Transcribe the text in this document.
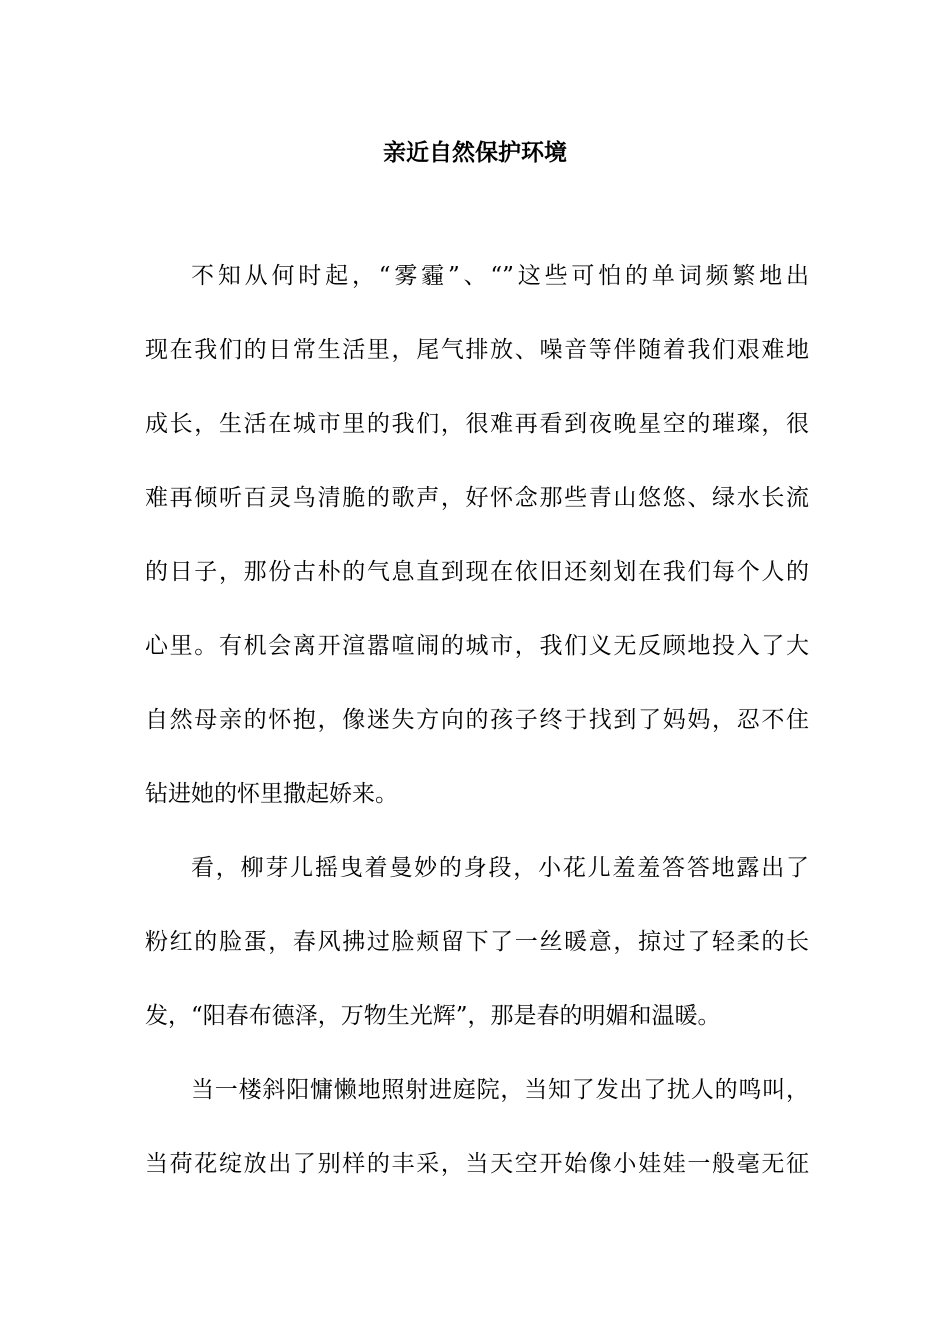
亲近自然保护环境
不知从何时起，“雾霾”、“”这些可怕的单词频繁地出
现在我们的日常生活里，尾气排放、噪音等伴随着我们艰难地
成长，生活在城市里的我们，很难再看到夜晚星空的璀璨，很
难再倾听百灵鸟清脆的歌声，好怀念那些青山悠悠、绿水长流
的日子，那份古朴的气息直到现在依旧还刻划在我们每个人的
心里。有机会离开渲嚣喧闹的城市，我们义无反顾地投入了大
自然母亲的怀抱，像迷失方向的孩子终于找到了妈妈，忍不住
钻进她的怀里撒起娇来。
看，柳芽儿摇曳着曼妙的身段，小花儿羞羞答答地露出了
粉红的脸蛋，春风拂过脸颊留下了一丝暖意，掠过了轻柔的长
发，“阳春布德泽，万物生光辉”，那是春的明媚和温暖。
当一楼斜阳慵懒地照射进庭院，当知了发出了扰人的鸣叫，
当荷花绽放出了别样的丰采，当天空开始像小娃娃一般毫无征
